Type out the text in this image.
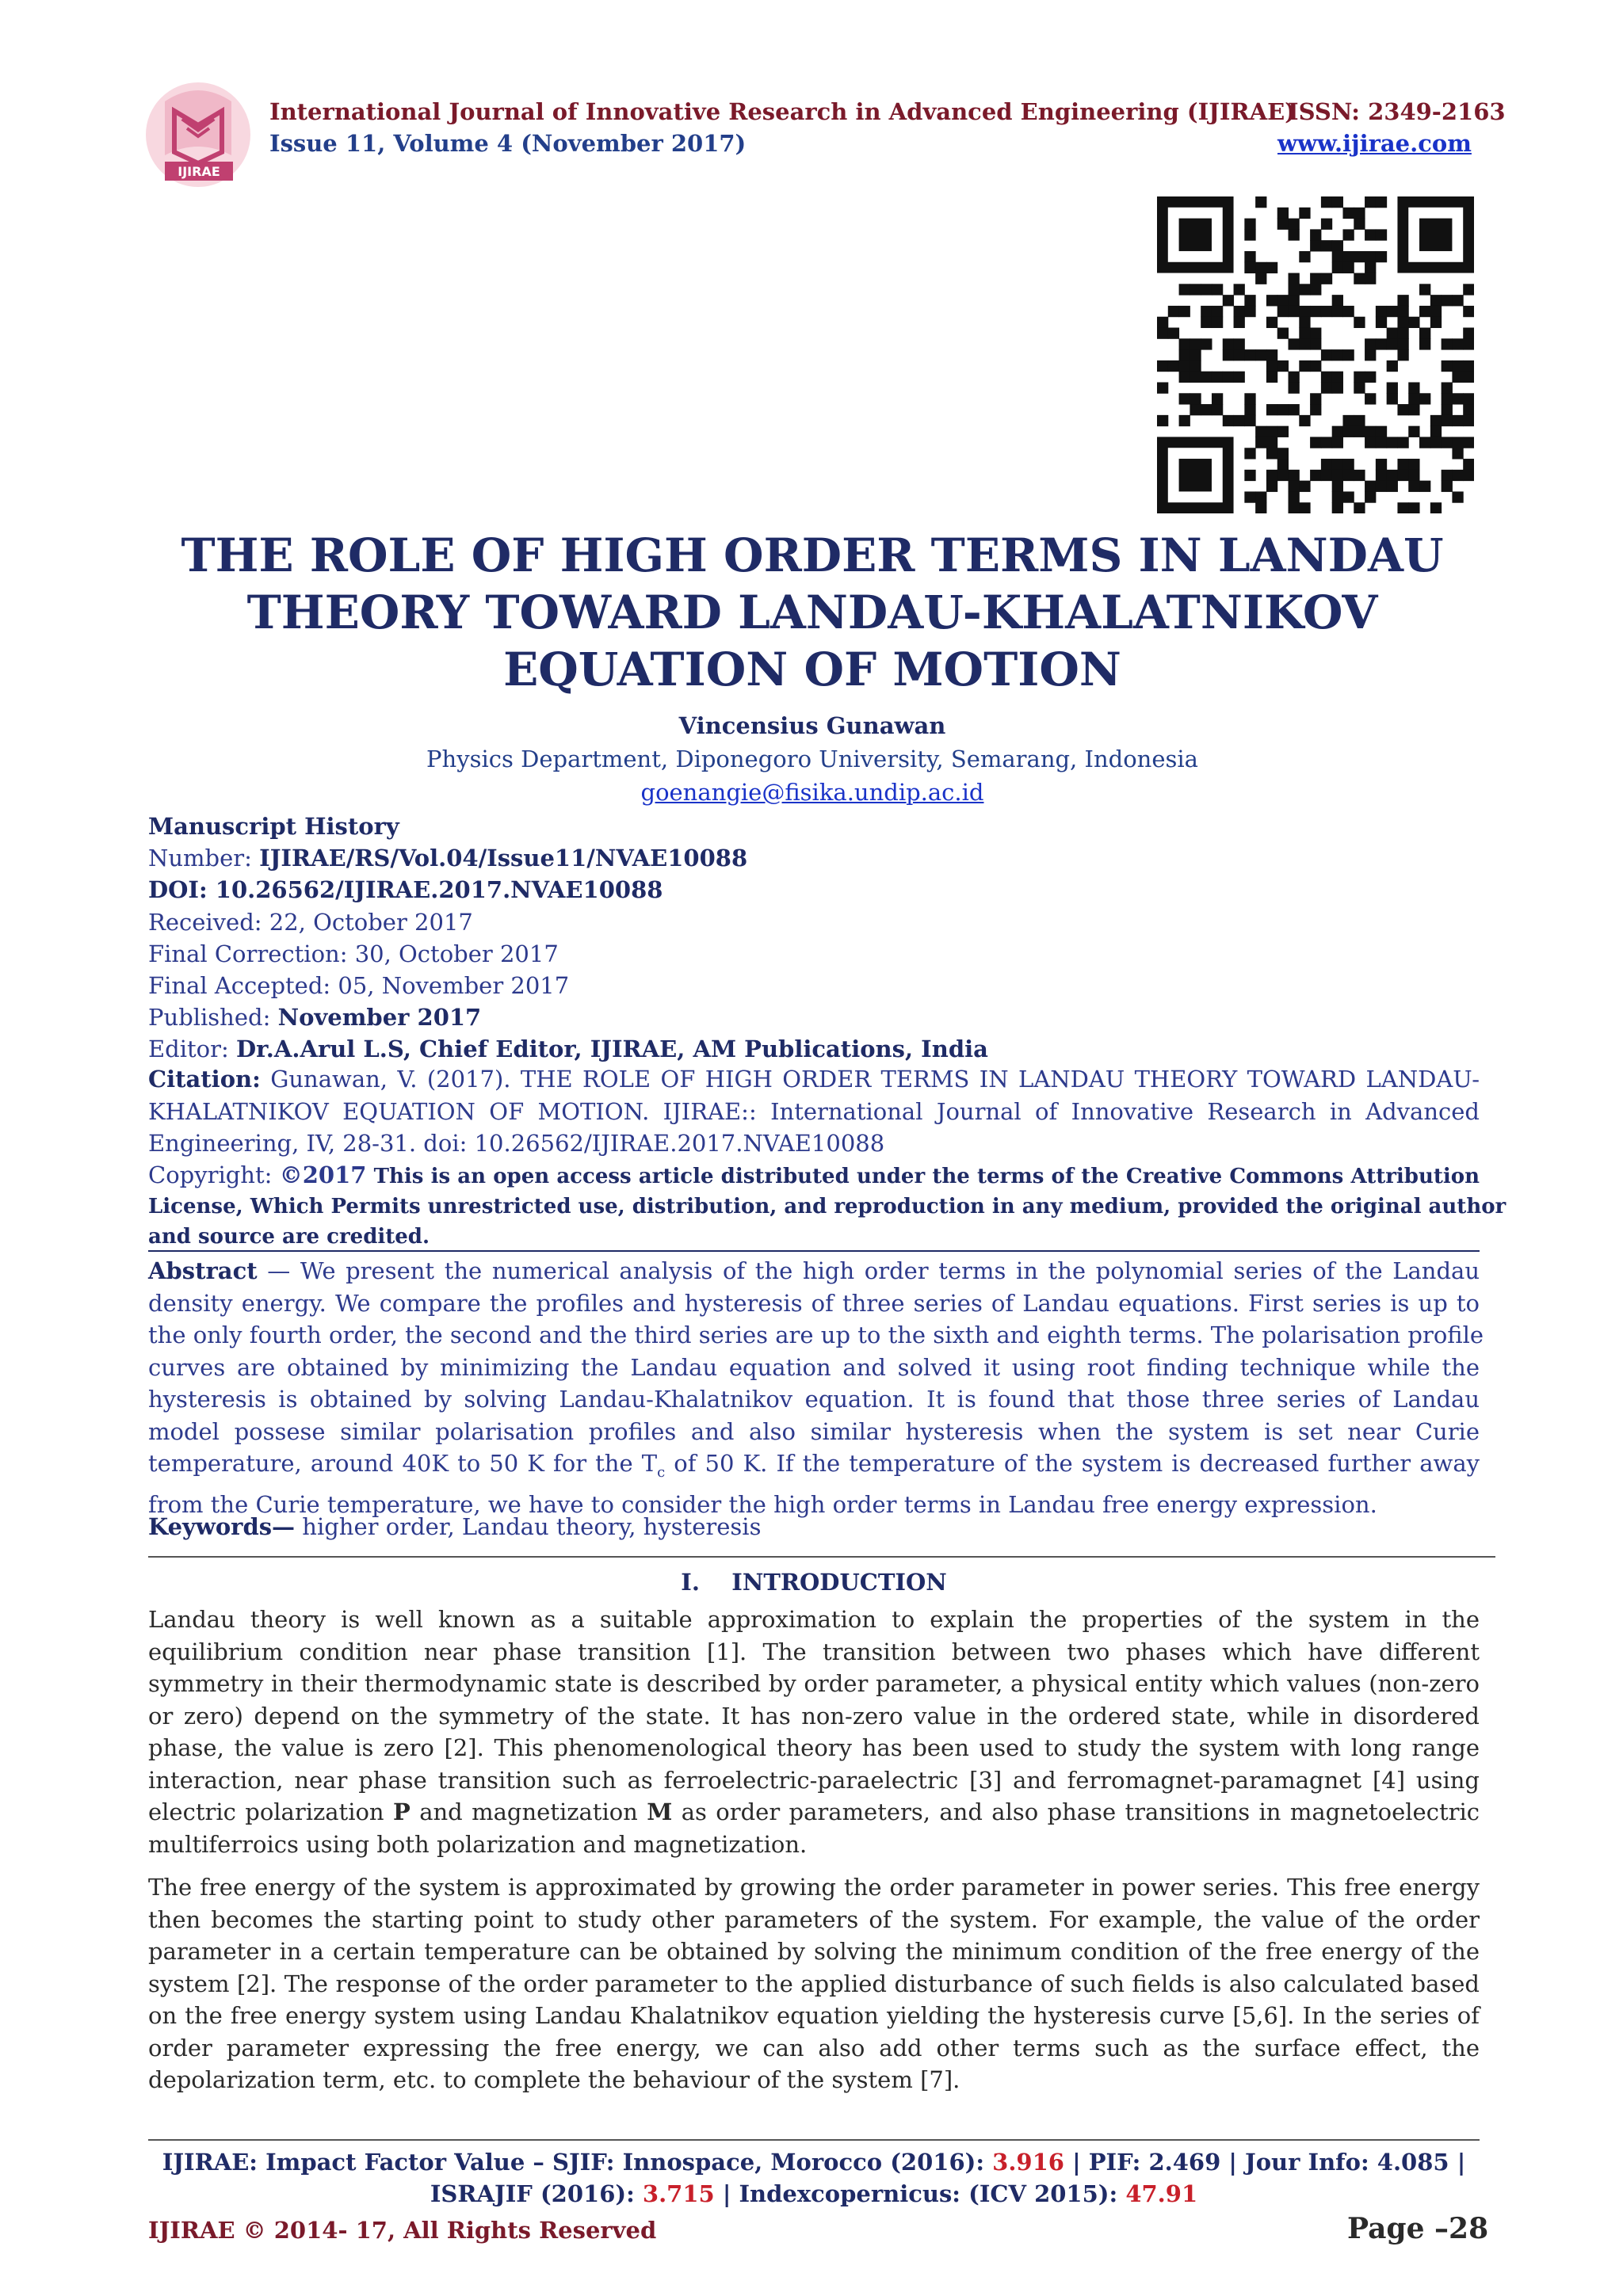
IJIRAE
International Journal of Innovative Research in Advanced Engineering (IJIRAE)
ISSN: 2349-2163
Issue 11, Volume 4 (November 2017)	www.ijirae.com
THE ROLE OF HIGH ORDER TERMS IN LANDAU
THEORY TOWARD LANDAU-KHALATNIKOV
EQUATION OF MOTION
Vincensius Gunawan
Physics Department, Diponegoro University, Semarang, Indonesia
goenangie@fisika.undip.ac.id
Manuscript History
Number: IJIRAE/RS/Vol.04/Issue11/NVAE10088
DOI: 10.26562/IJIRAE.2017.NVAE10088
Received: 22, October 2017
Final Correction: 30, October 2017
Final Accepted: 05, November 2017
Published: November 2017
Editor: Dr.A.Arul L.S, Chief Editor, IJIRAE, AM Publications, India
Citation: Gunawan, V. (2017). THE ROLE OF HIGH ORDER TERMS IN LANDAU THEORY TOWARD LANDAU-
KHALATNIKOV EQUATION OF MOTION. IJIRAE:: International Journal of Innovative Research in Advanced
Engineering, IV, 28-31. doi: 10.26562/IJIRAE.2017.NVAE10088
Copyright: ©2017 This is an open access article distributed under the terms of the Creative Commons Attribution
License, Which Permits unrestricted use, distribution, and reproduction in any medium, provided the original author
and source are credited.
Abstract — We present the numerical analysis of the high order terms in the polynomial series of the Landau
density energy. We compare the profiles and hysteresis of three series of Landau equations. First series is up to
the only fourth order, the second and the third series are up to the sixth and eighth terms. The polarisation profile
curves are obtained by minimizing the Landau equation and solved it using root finding technique while the
hysteresis is obtained by solving Landau-Khalatnikov equation. It is found that those three series of Landau
model possese similar polarisation profiles and also similar hysteresis when the system is set near Curie
temperature, around 40K to 50 K for the $T_c$ of 50 K. If the temperature of the system is decreased further away
from the Curie temperature, we have to consider the high order terms in Landau free energy expression.
Keywords— higher order, Landau theory, hysteresis
I.    INTRODUCTION
Landau theory is well known as a suitable approximation to explain the properties of the system in the
equilibrium condition near phase transition [1]. The transition between two phases which have different
symmetry in their thermodynamic state is described by order parameter, a physical entity which values (non-zero
or zero) depend on the symmetry of the state. It has non-zero value in the ordered state, while in disordered
phase, the value is zero [2]. This phenomenological theory has been used to study the system with long range
interaction, near phase transition such as ferroelectric-paraelectric [3] and ferromagnet-paramagnet [4] using
electric polarization P and magnetization M as order parameters, and also phase transitions in magnetoelectric
multiferroics using both polarization and magnetization.
The free energy of the system is approximated by growing the order parameter in power series. This free energy
then becomes the starting point to study other parameters of the system. For example, the value of the order
parameter in a certain temperature can be obtained by solving the minimum condition of the free energy of the
system [2]. The response of the order parameter to the applied disturbance of such fields is also calculated based
on the free energy system using Landau Khalatnikov equation yielding the hysteresis curve [5,6]. In the series of
order parameter expressing the free energy, we can also add other terms such as the surface effect, the
depolarization term, etc. to complete the behaviour of the system [7].
IJIRAE: Impact Factor Value – SJIF: Innospace, Morocco (2016): 3.916 | PIF: 2.469 | Jour Info: 4.085 |
ISRAJIF (2016): 3.715 | Indexcopernicus: (ICV 2015): 47.91
IJIRAE © 2014- 17, All Rights Reserved	Page –28
